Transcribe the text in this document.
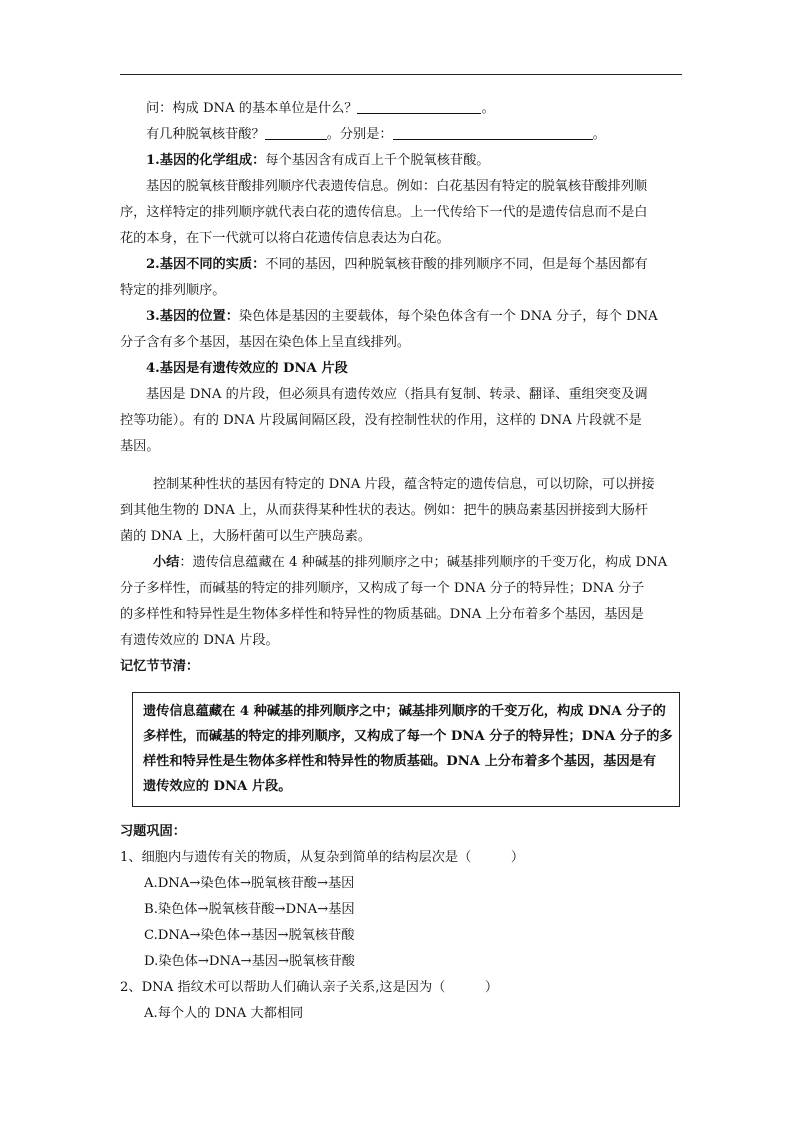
问：构成 DNA 的基本单位是什么？	。

有几种脱氧核苷酸？	。分别是：	。

1.基因的化学组成：每个基因含有成百上千个脱氧核苷酸。

基因的脱氧核苷酸排列顺序代表遗传信息。例如：白花基因有特定的脱氧核苷酸排列顺

序，这样特定的排列顺序就代表白花的遗传信息。上一代传给下一代的是遗传信息而不是白

花的本身，在下一代就可以将白花遗传信息表达为白花。

2.基因不同的实质：不同的基因，四种脱氧核苷酸的排列顺序不同，但是每个基因都有

特定的排列顺序。

3.基因的位置：染色体是基因的主要载体，每个染色体含有一个 DNA 分子，每个 DNA

分子含有多个基因，基因在染色体上呈直线排列。

4.基因是有遗传效应的 DNA 片段

基因是 DNA 的片段，但必须具有遗传效应（指具有复制、转录、翻译、重组突变及调

控等功能）。有的 DNA 片段属间隔区段，没有控制性状的作用，这样的 DNA 片段就不是

基因。

控制某种性状的基因有特定的 DNA 片段，蕴含特定的遗传信息，可以切除，可以拼接

到其他生物的 DNA 上，从而获得某种性状的表达。例如：把牛的胰岛素基因拼接到大肠杆

菌的 DNA 上，大肠杆菌可以生产胰岛素。

小结：遗传信息蕴藏在 4 种碱基的排列顺序之中；碱基排列顺序的千变万化，构成 DNA

分子多样性，而碱基的特定的排列顺序，又构成了每一个 DNA 分子的特异性；DNA 分子

的多样性和特异性是生物体多样性和特异性的物质基础。DNA 上分布着多个基因，基因是

有遗传效应的 DNA 片段。

记忆节节清：

遗传信息蕴藏在 4 种碱基的排列顺序之中；碱基排列顺序的千变万化，构成 DNA 分子的
多样性，而碱基的特定的排列顺序，又构成了每一个 DNA 分子的特异性；DNA 分子的多
样性和特异性是生物体多样性和特异性的物质基础。DNA 上分布着多个基因，基因是有
遗传效应的 DNA 片段。

习题巩固：

1、细胞内与遗传有关的物质，从复杂到简单的结构层次是（　　　）

A.DNA→染色体→脱氧核苷酸→基因

B.染色体→脱氧核苷酸→DNA→基因

C.DNA→染色体→基因→脱氧核苷酸

D.染色体→DNA→基因→脱氧核苷酸

2、DNA 指纹术可以帮助人们确认亲子关系,这是因为（　　　）

A.每个人的 DNA 大都相同
